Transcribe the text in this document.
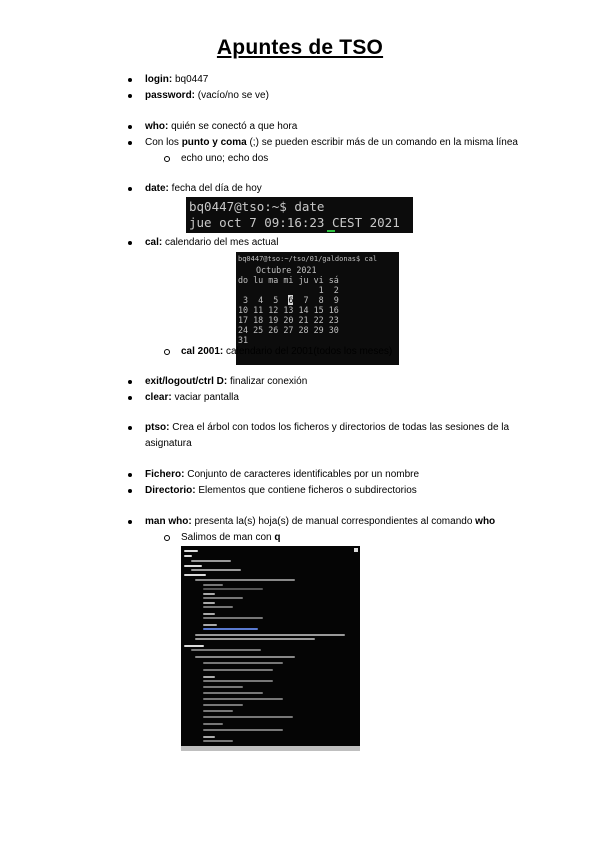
Apuntes de TSO
login: bq0447
password: (vacío/no se ve)
who: quién se conectó a que hora
Con los punto y coma (;) se pueden escribir más de un comando en la misma línea
echo uno; echo dos
date: fecha del día de hoy
bq0447@tso:~$ date
jue oct 7 09:16:23 CEST 2021
cal: calendario del mes actual
bq0447@tso:~/tso/01/galdonas$ cal
Octubre 2021
do lu ma mi ju vi sá
1  2
3  4  5  6  7  8  9
10 11 12 13 14 15 16
17 18 19 20 21 22 23
24 25 26 27 28 29 30
31
cal 2001: calendario del 2001(todos los meses)
exit/logout/ctrl D: finalizar conexión
clear: vaciar pantalla
ptso: Crea el árbol con todos los ficheros y directorios de todas las sesiones de la
asignatura
Fichero: Conjunto de caracteres identificables por un nombre
Directorio: Elementos que contiene ficheros o subdirectorios
man who: presenta la(s) hoja(s) de manual correspondientes al comando who
Salimos de man con q
